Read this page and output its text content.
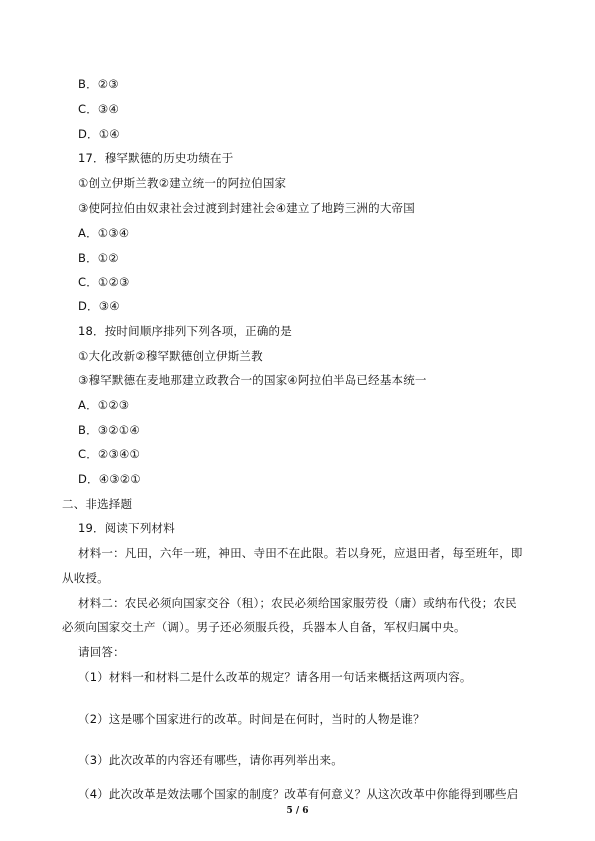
B．②③
C．③④
D．①④
17．穆罕默德的历史功绩在于
①创立伊斯兰教②建立统一的阿拉伯国家
③使阿拉伯由奴隶社会过渡到封建社会④建立了地跨三洲的大帝国
A．①③④
B．①②
C．①②③
D．③④
18．按时间顺序排列下列各项，正确的是
①大化改新②穆罕默德创立伊斯兰教
③穆罕默德在麦地那建立政教合一的国家④阿拉伯半岛已经基本统一
A．①②③
B．③②①④
C．②③④①
D．④③②①
二、非选择题
19．阅读下列材料
材料一：凡田，六年一班，神田、寺田不在此限。若以身死，应退田者，每至班年，即
从收授。
材料二：农民必须向国家交谷（租）；农民必须给国家服劳役（庸）或纳布代役；农民
必须向国家交土产（调）。男子还必须服兵役，兵器本人自备，军权归属中央。
请回答：
（1）材料一和材料二是什么改革的规定？请各用一句话来概括这两项内容。
（2）这是哪个国家进行的改革。时间是在何时，当时的人物是谁？
（3）此次改革的内容还有哪些，请你再列举出来。
（4）此次改革是效法哪个国家的制度？改革有何意义？从这次改革中你能得到哪些启
5 / 6
